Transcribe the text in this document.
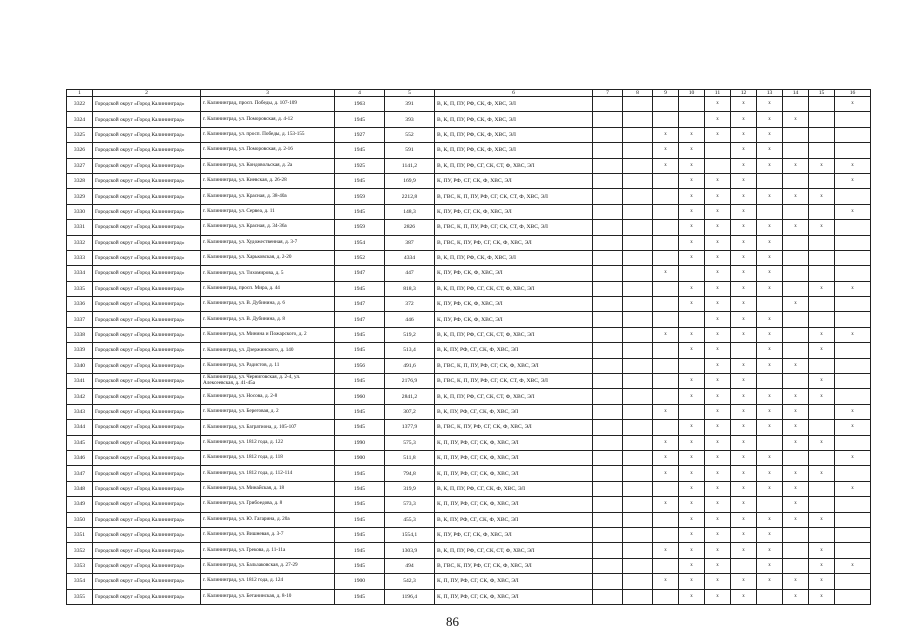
1	2	3	4	5	6	7	8	9	10	11	12	13	14	15	16
3322	Городской округ «Город Калининград»	г. Калининград, просп. Победы, д. 107-109	1963	391	В, К, П, ПУ, РФ, СК, Ф, ХВС, ЭЛ					x	x	x			x
3324	Городской округ «Город Калининград»	г. Калининград, ул. Поморовская, д. 4-12	1945	393	В, К, П, ПУ, РФ, СК, Ф, ХВС, ЭЛ					x	x	x	x		
3325	Городской округ «Город Калининград»	г. Калининград, ул. просп. Победы, д. 153-155	1927	552	В, К, П, ПУ, РФ, СК, Ф, ХВС, ЭЛ			x	x	x	x	x			
3326	Городской округ «Город Калининград»	г. Калининград, ул. Поморовская, д. 2-16	1945	591	В, К, П, ПУ, РФ, СК, Ф, ХВС, ЭЛ			x	x		x	x			
3327	Городской округ «Город Калининград»	г. Калининград, ул. Кондовольская, д. 2а	1925	1141,2	В, К, П, ПУ, РФ, СГ, СК, СТ, Ф, ХВС, ЭЛ			x	x		x	x	x	x	x
3328	Городской округ «Город Калининград»	г. Калининград, ул. Киевская, д. 26-28	1945	169,9	К, ПУ, РФ, СГ, СК, Ф, ХВС, ЭЛ				x	x	x				x
3329	Городской округ «Город Калининград»	г. Калининград, ул. Красная, д. 38-40а	1959	2212,8	В, ГВС, К, П, ПУ, РФ, СГ, СК, СТ, Ф, ХВС, ЭЛ				x	x	x	x	x	x	
3330	Городской округ «Город Калининград»	г. Калининград, ул. Сервеа, д. 11	1945	148,3	К, ПУ, РФ, СГ, СК, Ф, ХВС, ЭЛ				x	x	x				x
3331	Городской округ «Город Калининград»	г. Калининград, ул. Красная, д. 34-36а	1959	2826	В, ГВС, К, П, ПУ, РФ, СГ, СК, СТ, Ф, ХВС, ЭЛ				x	x	x	x	x	x	
3332	Городской округ «Город Калининград»	г. Калининград, ул. Художественная, д. 3-7	1954	387	В, ГВС, К, ПУ, РФ, СГ, СК, Ф, ХВС, ЭЛ				x	x	x	x			
3333	Городской округ «Город Калининград»	г. Калининград, ул. Харьковская, д. 2-20	1952	4334	В, К, П, ПУ, РФ, СК, Ф, ХВС, ЭЛ				x	x	x	x			
3334	Городской округ «Город Калининград»	г. Калининград, ул. Тихомирова, д. 5	1947	447	К, ПУ, РФ, СК, Ф, ХВС, ЭЛ			x		x	x	x			
3335	Городской округ «Город Калининград»	г. Калининград, просп. Мира, д. 44	1945	818,3	В, К, П, ПУ, РФ, СГ, СК, СТ, Ф, ХВС, ЭЛ				x	x	x	x		x	x
3336	Городской округ «Город Калининград»	г. Калининград, ул. В. Дубинина, д. 6	1947	372	К, ПУ, РФ, СК, Ф, ХВС, ЭЛ				x	x	x		x		
3337	Городской округ «Город Калининград»	г. Калининград, ул. В. Дубинина, д. 8	1947	446	К, ПУ, РФ, СК, Ф, ХВС, ЭЛ					x	x	x			
3338	Городской округ «Город Калининград»	г. Калининград, ул. Минина и Пожарского, д. 2	1945	519,2	В, К, П, ПУ, РФ, СГ, СК, СТ, Ф, ХВС, ЭЛ			x	x	x	x	x		x	x
3339	Городской округ «Город Калининград»	г. Калининград, ул. Дзержинского, д. 140	1945	513,4	В, К, ПУ, РФ, СГ, СК, Ф, ХВС, ЭЛ				x	x		x		x	
3340	Городской округ «Город Калининград»	г. Калининград, ул. Радистов, д. 11	1956	491,6	В, ГВС, К, П, ПУ, РФ, СГ, СК, Ф, ХВС, ЭЛ					x	x	x	x		
3341	Городской округ «Город Калининград»	г. Калининград, ул. Черниговская, д. 2-4, ул. Алексеевская, д. 41-45а	1945	2176,9	В, ГВС, К, П, ПУ, РФ, СГ, СК, СТ, Ф, ХВС, ЭЛ				x	x	x			x	
3342	Городской округ «Город Калининград»	г. Калининград, ул. Носова, д. 2-8	1960	2841,2	В, К, П, ПУ, РФ, СГ, СК, СТ, Ф, ХВС, ЭЛ				x	x	x	x	x	x	
3343	Городской округ «Город Калининград»	г. Калининград, ул. Береговая, д. 2	1945	307,2	В, К, ПУ, РФ, СГ, СК, Ф, ХВС, ЭЛ			x		x	x	x	x		x
3344	Городской округ «Город Калининград»	г. Калининград, ул. Багратиона, д. 105-107	1945	1377,9	В, ГВС, К, ПУ, РФ, СГ, СК, Ф, ХВС, ЭЛ				x	x	x	x	x		x
3345	Городской округ «Город Калининград»	г. Калининград, ул. 1812 года, д. 122	1990	575,3	К, П, ПУ, РФ, СГ, СК, Ф, ХВС, ЭЛ			x	x	x	x		x	x	
3346	Городской округ «Город Калининград»	г. Калининград, ул. 1812 года, д. 118	1900	511,8	К, П, ПУ, РФ, СГ, СК, Ф, ХВС, ЭЛ			x	x	x	x	x			x
3347	Городской округ «Город Калининград»	г. Калининград, ул. 1812 года, д. 112-114	1945	794,8	К, П, ПУ, РФ, СГ, СК, Ф, ХВС, ЭЛ			x	x	x	x	x	x	x	
3348	Городской округ «Город Калининград»	г. Калининград, ул. Минайская, д. 18	1945	319,9	В, К, П, ПУ, РФ, СГ, СК, Ф, ХВС, ЭЛ				x	x	x	x	x		x
3349	Городской округ «Город Калининград»	г. Калининград, ул. Грибоедова, д. 8	1945	573,3	К, П, ПУ, РФ, СГ, СК, Ф, ХВС, ЭЛ			x	x	x	x		x		
3350	Городской округ «Город Калининград»	г. Калининград, ул. Ю. Гагарина, д. 20а	1945	455,3	В, К, ПУ, РФ, СГ, СК, Ф, ХВС, ЭЛ				x	x	x	x	x	x	
3351	Городской округ «Город Калининград»	г. Калининград, ул. Вишневая, д. 3-7	1945	1554,1	К, ПУ, РФ, СГ, СК, Ф, ХВС, ЭЛ				x	x	x	x			
3352	Городской округ «Город Калининград»	г. Калининград, ул. Грекова, д. 11-11а	1945	1303,9	В, К, П, ПУ, РФ, СГ, СК, СТ, Ф, ХВС, ЭЛ			x	x	x	x	x		x	
3353	Городской округ «Город Калининград»	г. Калининград, ул. Бальзаковская, д. 27-29	1945	494	В, ГВС, К, ПУ, РФ, СГ, СК, Ф, ХВС, ЭЛ				x	x		x		x	x
3354	Городской округ «Город Калининград»	г. Калининград, ул. 1812 года, д. 124	1900	542,3	К, П, ПУ, РФ, СГ, СК, Ф, ХВС, ЭЛ			x	x	x	x	x	x	x	
3355	Городской округ «Город Калининград»	г. Калининград, ул. Бетанинская, д. 8-10	1945	1196,4	К, П, ПУ, РФ, СГ, СК, Ф, ХВС, ЭЛ				x	x	x		x	x	
86
